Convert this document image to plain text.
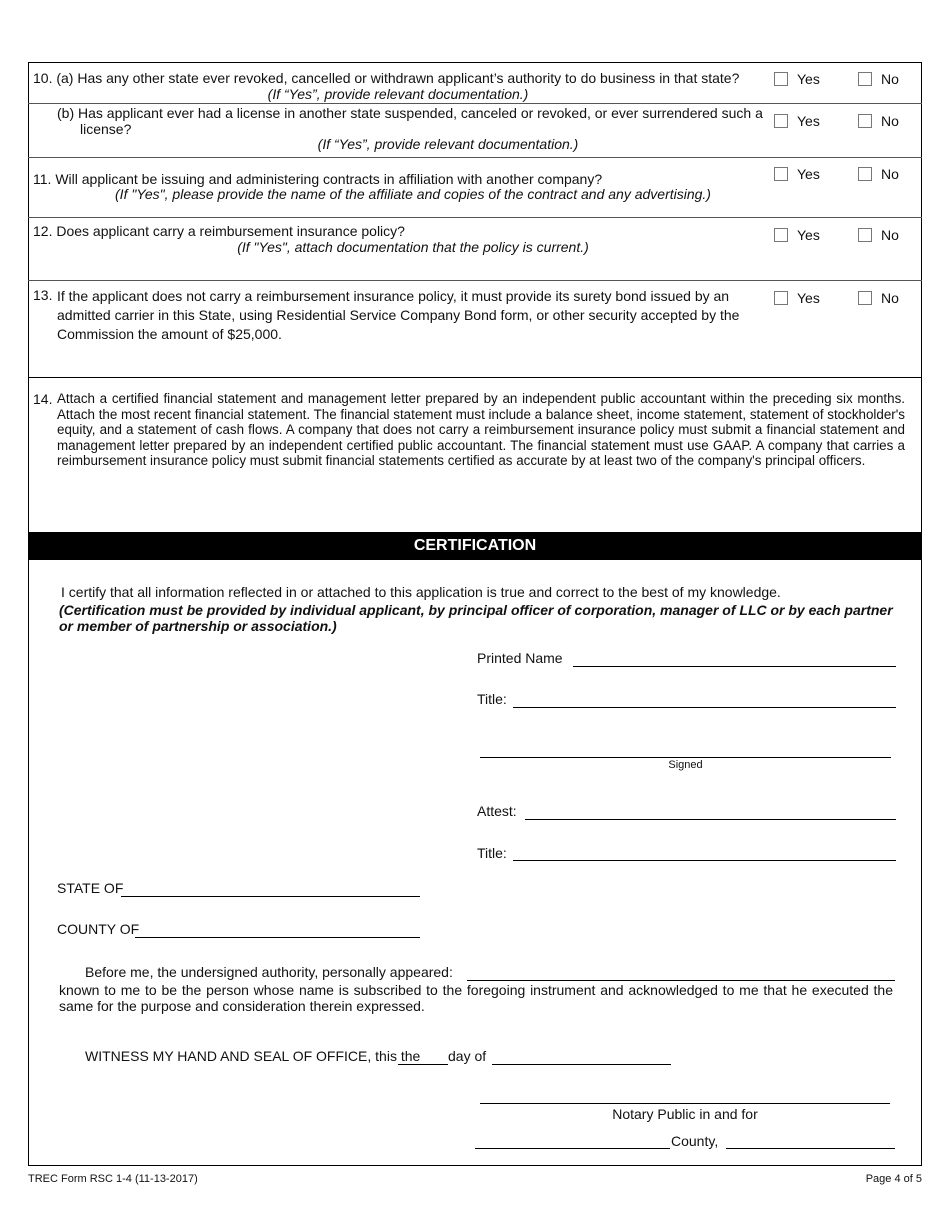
10. (a) Has any other state ever revoked, cancelled or withdrawn applicant’s authority to do business in that state?
(If “Yes”, provide relevant documentation.)
Yes	No
(b) Has applicant ever had a license in another state suspended, canceled or revoked, or ever surrendered such a
license?
(If “Yes”, provide relevant documentation.)
Yes	No
11. Will applicant be issuing and administering contracts in affiliation with another company?
(If "Yes", please provide the name of the affiliate and copies of the contract and any advertising.)
Yes	No
12. Does applicant carry a reimbursement insurance policy?
(If "Yes", attach documentation that the policy is current.)
Yes	No
13. If the applicant does not carry a reimbursement insurance policy, it must provide its surety bond issued by an admitted carrier in this State, using Residential Service Company Bond form, or other security accepted by the Commission the amount of $25,000.
Yes	No
14. Attach a certified financial statement and management letter prepared by an independent public accountant within the preceding six months. Attach the most recent financial statement. The financial statement must include a balance sheet, income statement, statement of stockholder's equity, and a statement of cash flows. A company that does not carry a reimbursement insurance policy must submit a financial statement and management letter prepared by an independent certified public accountant. The financial statement must use GAAP. A company that carries a reimbursement insurance policy must submit financial statements certified as accurate by at least two of the company's principal officers.
CERTIFICATION
I certify that all information reflected in or attached to this application is true and correct to the best of my knowledge.
(Certification must be provided by individual applicant, by principal officer of corporation, manager of LLC or by each partner or member of partnership or association.)
Printed Name
Title:
Signed
Attest:
Title:
STATE OF
COUNTY OF
Before me, the undersigned authority, personally appeared:
known to me to be the person whose name is subscribed to the foregoing instrument and acknowledged to me that he executed the same for the purpose and consideration therein expressed.
WITNESS MY HAND AND SEAL OF OFFICE, this the day of
Notary Public in and for
County,
TREC Form RSC 1-4 (11-13-2017)	Page 4 of 5
